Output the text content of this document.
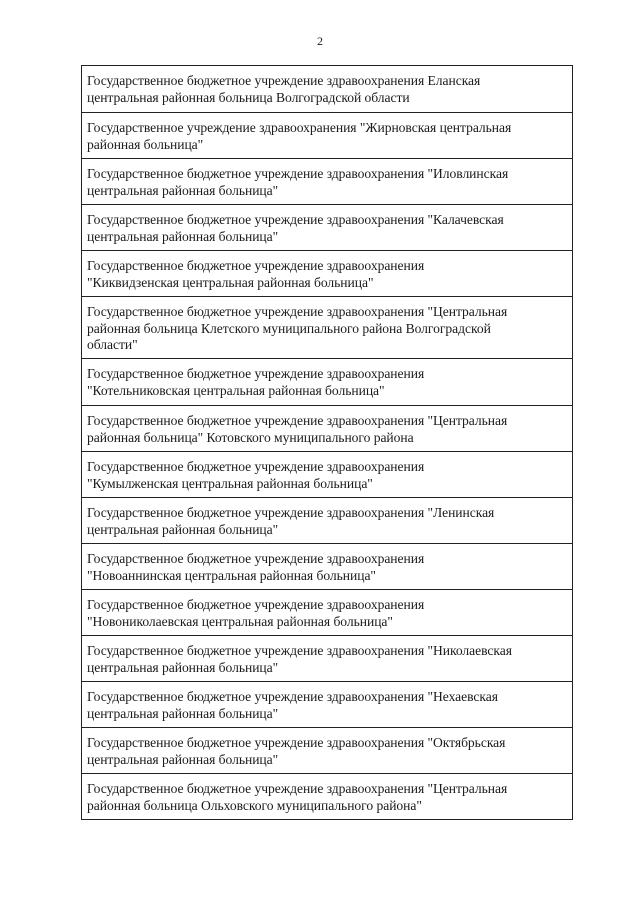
2
Государственное бюджетное учреждение здравоохранения Еланская
центральная районная больница Волгоградской области
Государственное учреждение здравоохранения "Жирновская центральная
районная больница"
Государственное бюджетное учреждение здравоохранения "Иловлинская
центральная районная больница"
Государственное бюджетное учреждение здравоохранения "Калачевская
центральная районная больница"
Государственное бюджетное учреждение здравоохранения
"Киквидзенская центральная районная больница"
Государственное бюджетное учреждение здравоохранения "Центральная
районная больница Клетского муниципального района Волгоградской
области"
Государственное бюджетное учреждение здравоохранения
"Котельниковская центральная районная больница"
Государственное бюджетное учреждение здравоохранения "Центральная
районная больница" Котовского муниципального района
Государственное бюджетное учреждение здравоохранения
"Кумылженская центральная районная больница"
Государственное бюджетное учреждение здравоохранения "Ленинская
центральная районная больница"
Государственное бюджетное учреждение здравоохранения
"Новоаннинская центральная районная больница"
Государственное бюджетное учреждение здравоохранения
"Новониколаевская центральная районная больница"
Государственное бюджетное учреждение здравоохранения "Николаевская
центральная районная больница"
Государственное бюджетное учреждение здравоохранения "Нехаевская
центральная районная больница"
Государственное бюджетное учреждение здравоохранения "Октябрьская
центральная районная больница"
Государственное бюджетное учреждение здравоохранения "Центральная
районная больница Ольховского муниципального района"
